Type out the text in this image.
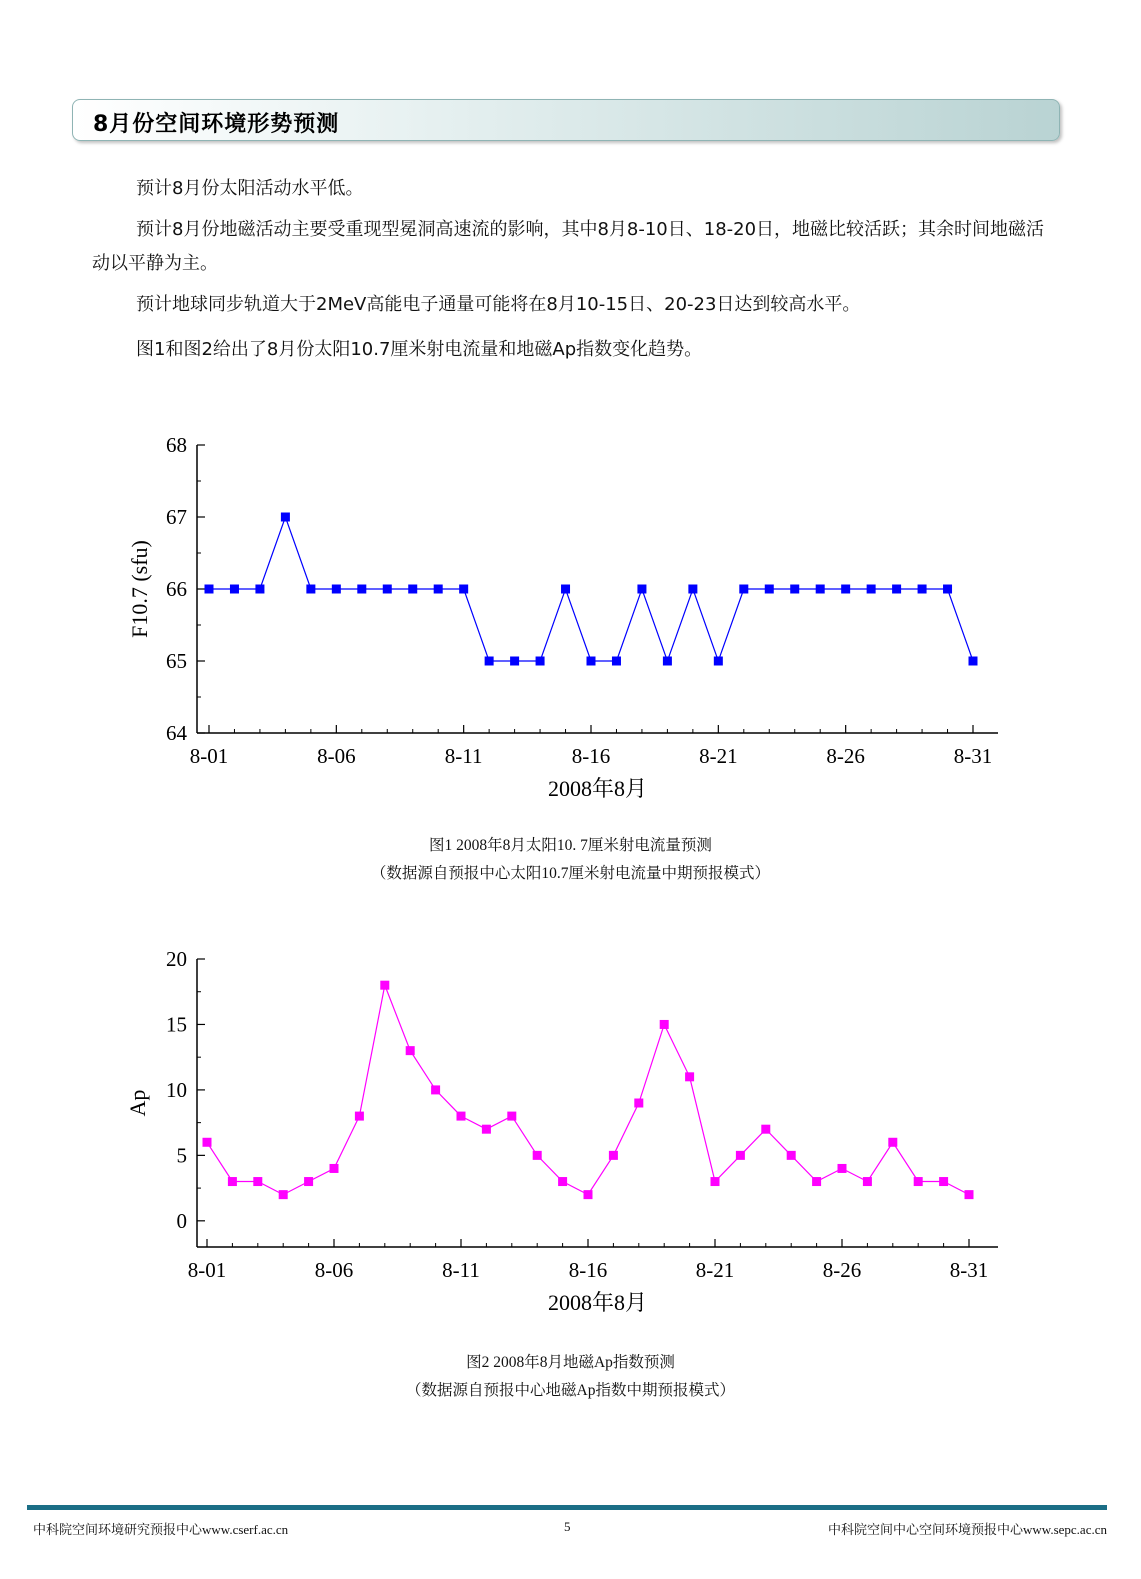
8月份空间环境形势预测

预计8月份太阳活动水平低。

预计8月份地磁活动主要受重现型冕洞高速流的影响，其中8月8-10日、18-20日，地磁比较活跃；其余时间地磁活动以平静为主。

预计地球同步轨道大于2MeV高能电子通量可能将在8月10-15日、20-23日达到较高水平。

图1和图2给出了8月份太阳10.7厘米射电流量和地磁Ap指数变化趋势。

64
65
66
67
68
8-01	8-06	8-11	8-16	8-21	8-26	8-31
2008年8月
F10.7 (sfu)
图1 2008年8月太阳10. 7厘米射电流量预测
（数据源自预报中心太阳10.7厘米射电流量中期预报模式）
0
5
10
15
20
8-01	8-06	8-11	8-16	8-21	8-26	8-31
2008年8月
Ap
图2 2008年8月地磁Ap指数预测
（数据源自预报中心地磁Ap指数中期预报模式）
中科院空间环境研究预报中心www.cserf.ac.cn	5	中科院空间中心空间环境预报中心www.sepc.ac.cn
